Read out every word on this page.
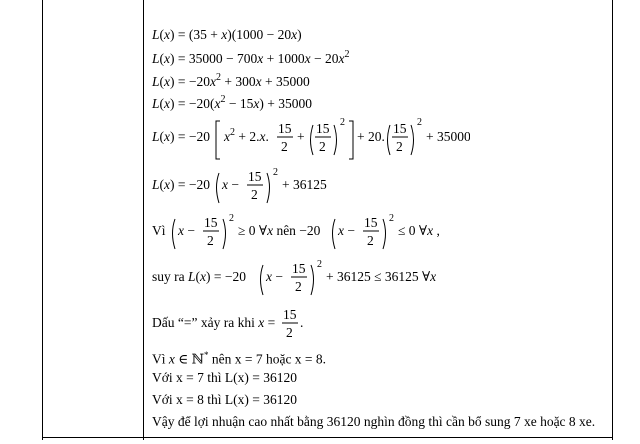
L(x) = (35 + x)(1000 − 20x)
$L(x) = 35000 - 700x + 1000x - 20x^2$
$L(x) = -20x^2 + 300x + 35000$
$L(x) = -20(x^2 - 15x) + 35000$
L(x) = −20 $x^2 + 2.x$.
15
2
+
15
2
2
+ 20.
15
2
2
+ 35000
L(x) = −20 x −
15
2
2
+ 36125
Vì x −
15
2
2
≥ 0 ∀x nên −20 x −
15
2
2
≤ 0 ∀x ,
suy ra L(x) = −20 x −
15
2
2
+ 36125 ≤ 36125 ∀x
Dấu “=” xảy ra khi x =
15
2
.
Vì x ∈ ℕ* nên x = 7 hoặc x = 8.
Với x = 7 thì L(x) = 36120
Với x = 8 thì L(x) = 36120
Vậy để lợi nhuận cao nhất bằng 36120 nghìn đồng thì cần bổ sung 7 xe hoặc 8 xe.
